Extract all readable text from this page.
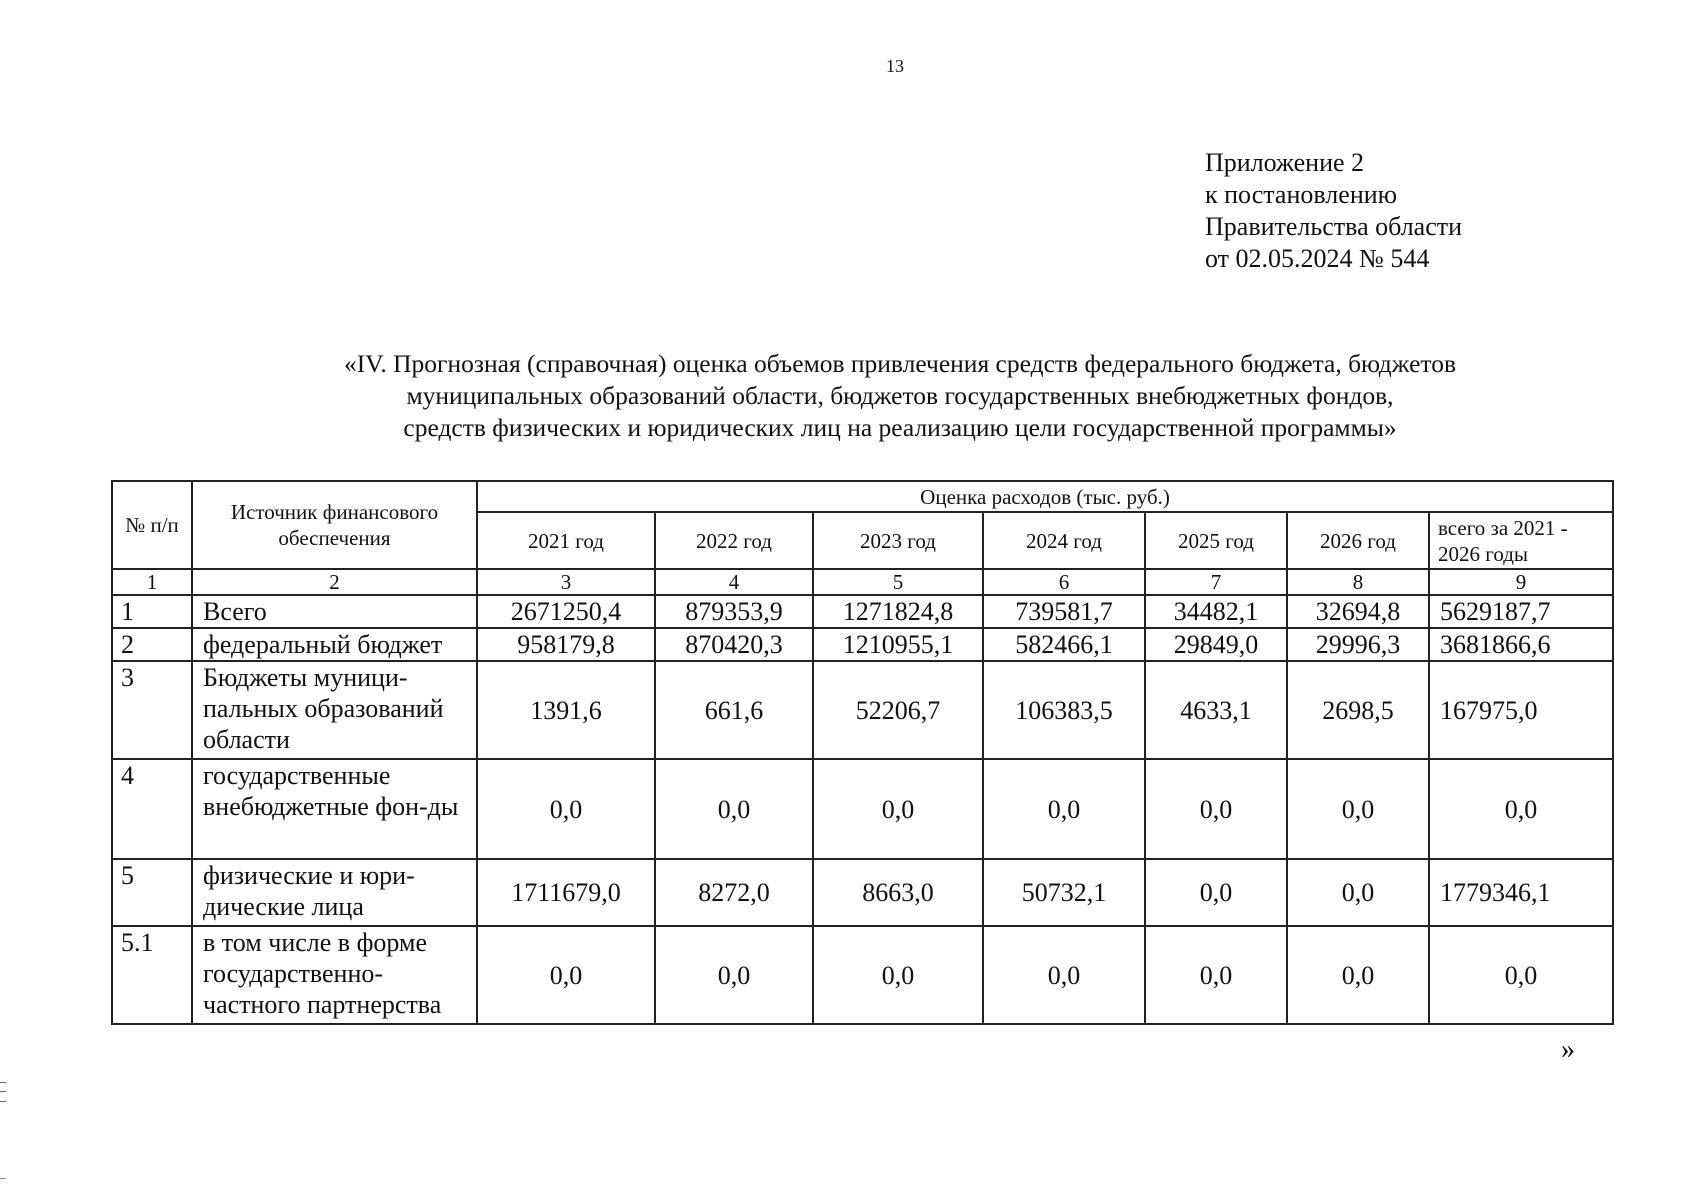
13
Приложение 2
к постановлению
Правительства области
от 02.05.2024 № 544
«IV. Прогнозная (справочная) оценка объемов привлечения средств федерального бюджета, бюджетов
муниципальных образований области, бюджетов государственных внебюджетных фондов,
средств физических и юридических лиц на реализацию цели государственной программы»
№ п/п	Источник финансового обеспечения	Оценка расходов (тыс. руб.)						
		2021 год	2022 год	2023 год	2024 год	2025 год	2026 год	всего за 2021 - 2026 годы
1	2	3	4	5	6	7	8	9
1	Всего	2671250,4	879353,9	1271824,8	739581,7	34482,1	32694,8	5629187,7
2	федеральный бюджет	958179,8	870420,3	1210955,1	582466,1	29849,0	29996,3	3681866,6
3	Бюджеты муници-пальных образований области	1391,6	661,6	52206,7	106383,5	4633,1	2698,5	167975,0
4	государственные внебюджетные фон-ды	0,0	0,0	0,0	0,0	0,0	0,0	0,0
5	физические и юри-дические лица	1711679,0	8272,0	8663,0	50732,1	0,0	0,0	1779346,1
5.1	в том числе в форме государственно-частного партнерства	0,0	0,0	0,0	0,0	0,0	0,0	0,0
»
